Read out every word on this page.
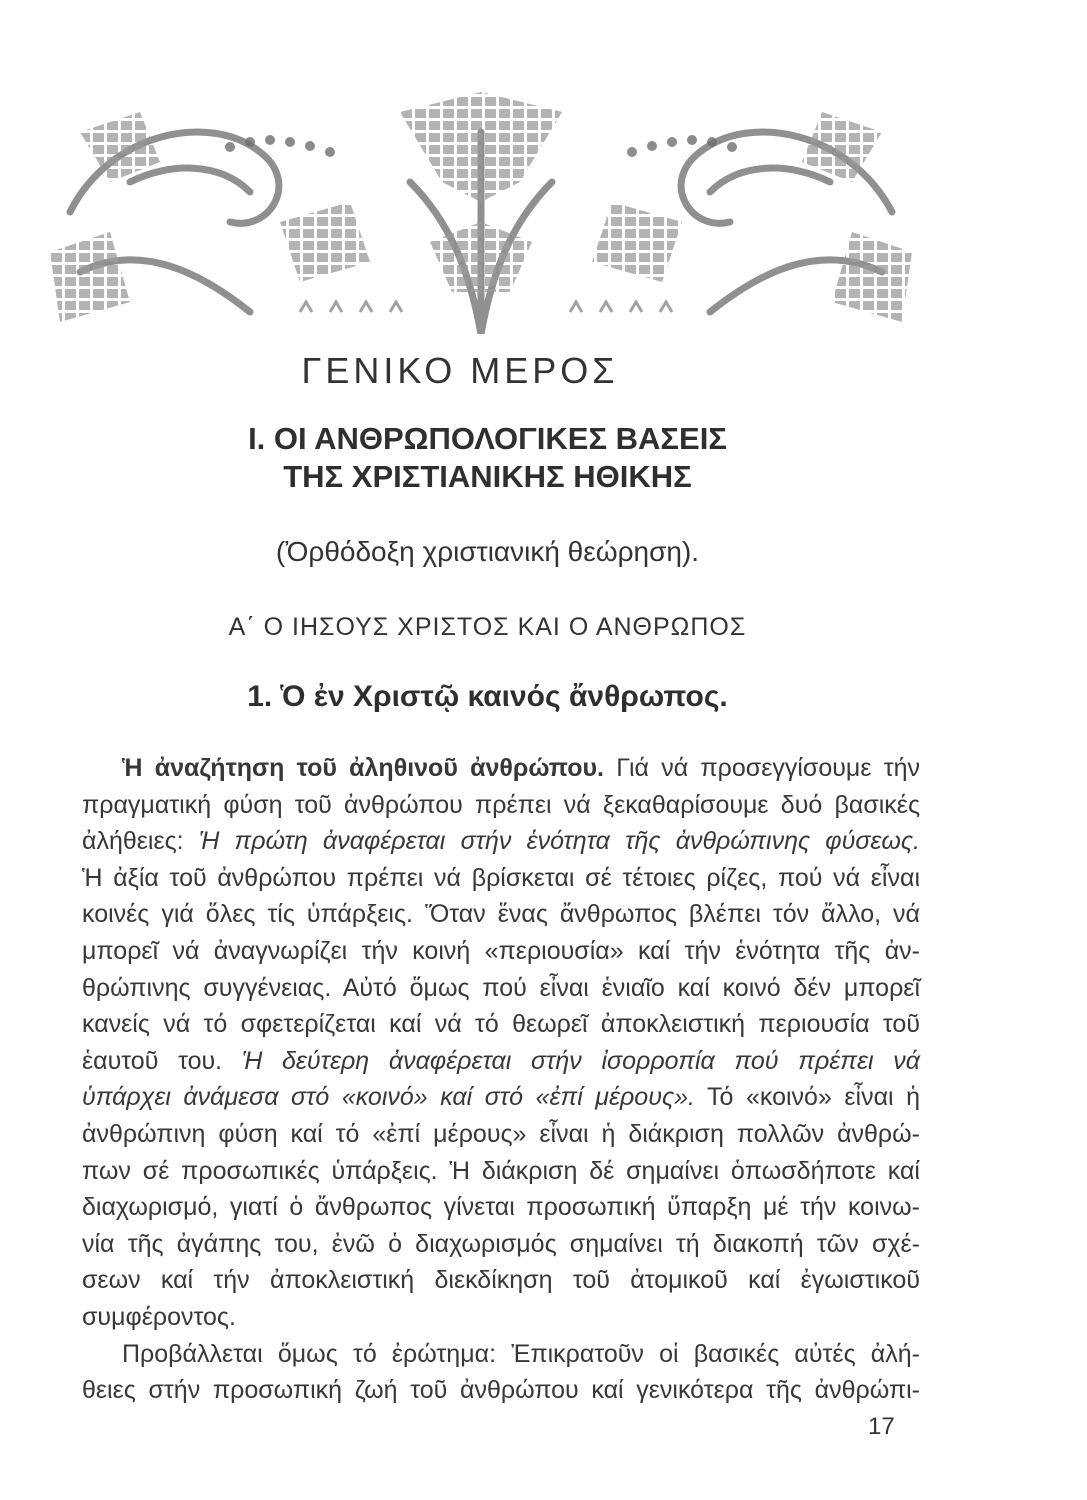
ΓΕΝΙΚΟ ΜΕΡΟΣ
Ι. ΟΙ ΑΝΘΡΩΠΟΛΟΓΙΚΕΣ ΒΑΣΕΙΣ
ΤΗΣ ΧΡΙΣΤΙΑΝΙΚΗΣ ΗΘΙΚΗΣ
(Ὀρθόδοξη χριστιανική θεώρηση).
Α΄ Ο ΙΗΣΟΥΣ ΧΡΙΣΤΟΣ ΚΑΙ Ο ΑΝΘΡΩΠΟΣ
1. Ὁ ἐν Χριστῷ καινός ἄνθρωπος.
Ἡ ἀναζήτηση τοῦ ἀληθινοῦ ἀνθρώπου. Γιά νά προσεγγίσουμε τήν
πραγματική φύση τοῦ ἀνθρώπου πρέπει νά ξεκαθαρίσουμε δυό βασικές
ἀλήθειες: Ἡ πρώτη ἀναφέρεται στήν ἑνότητα τῆς ἀνθρώπινης φύσεως.
Ἡ ἀξία τοῦ ἀνθρώπου πρέπει νά βρίσκεται σέ τέτοιες ρίζες, πού νά εἶναι
κοινές γιά ὅλες τίς ὑπάρξεις. Ὅταν ἕνας ἄνθρωπος βλέπει τόν ἄλλο, νά
μπορεῖ νά ἀναγνωρίζει τήν κοινή «περιουσία» καί τήν ἑνότητα τῆς ἀν-
θρώπινης συγγένειας. Αὐτό ὅμως πού εἶναι ἑνιαῖο καί κοινό δέν μπορεῖ
κανείς νά τό σφετερίζεται καί νά τό θεωρεῖ ἀποκλειστική περιουσία τοῦ
ἑαυτοῦ του. Ἡ δεύτερη ἀναφέρεται στήν ἰσορροπία πού πρέπει νά
ὑπάρχει ἀνάμεσα στό «κοινό» καί στό «ἐπί μέρους». Τό «κοινό» εἶναι ἡ
ἀνθρώπινη φύση καί τό «ἐπί μέρους» εἶναι ἡ διάκριση πολλῶν ἀνθρώ-
πων σέ προσωπικές ὑπάρξεις. Ἡ διάκριση δέ σημαίνει ὁπωσδήποτε καί
διαχωρισμό, γιατί ὁ ἄνθρωπος γίνεται προσωπική ὕπαρξη μέ τήν κοινω-
νία τῆς ἀγάπης του, ἐνῶ ὁ διαχωρισμός σημαίνει τή διακοπή τῶν σχέ-
σεων καί τήν ἀποκλειστική διεκδίκηση τοῦ ἀτομικοῦ καί ἐγωιστικοῦ
συμφέροντος.
Προβάλλεται ὅμως τό ἐρώτημα: Ἐπικρατοῦν οἱ βασικές αὐτές ἀλή-
θειες στήν προσωπική ζωή τοῦ ἀνθρώπου καί γενικότερα τῆς ἀνθρώπι-
17
